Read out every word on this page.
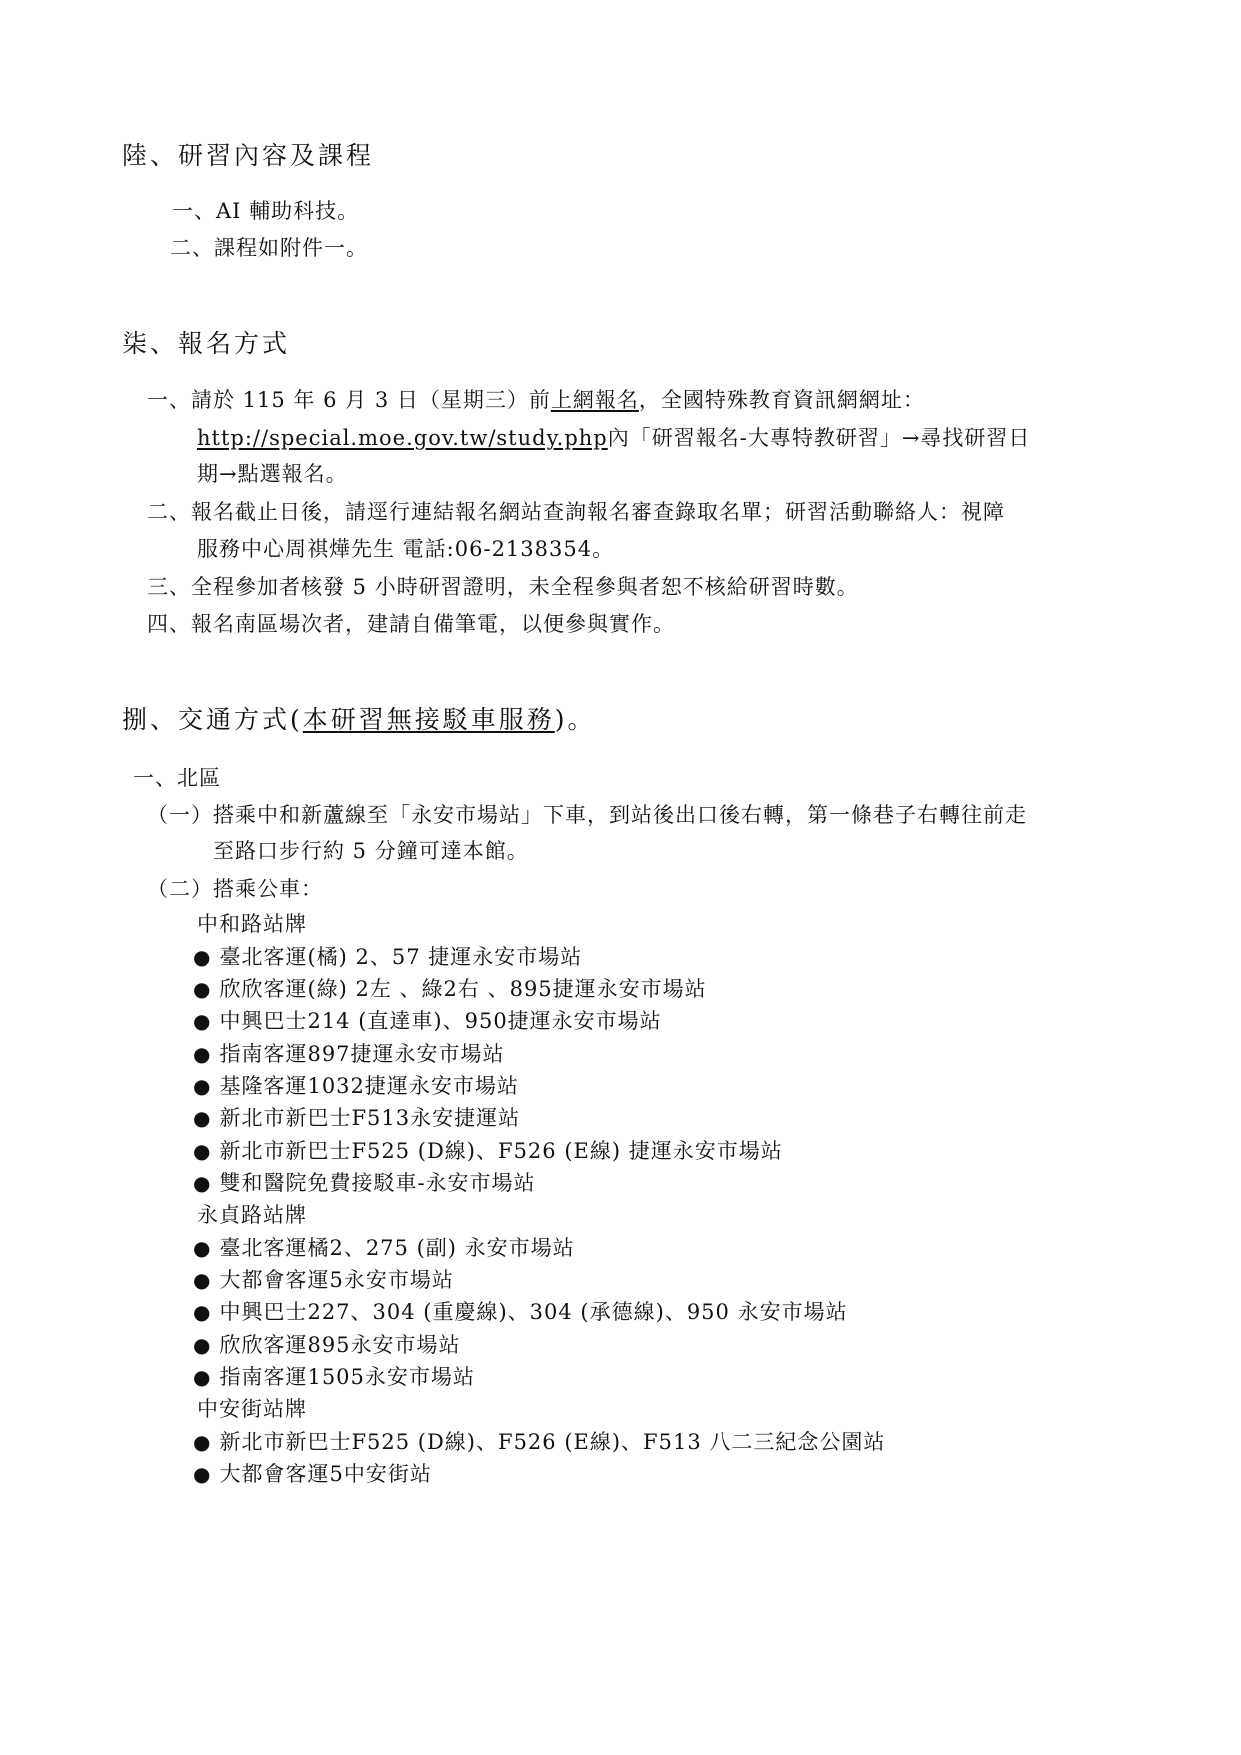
陸、研習內容及課程
一、AI 輔助科技。
二、課程如附件一。
柒、報名方式
一、請於 115 年 6 月 3 日（星期三）前上網報名，全國特殊教育資訊網網址：
http://special.moe.gov.tw/study.php內「研習報名-大專特教研習」→尋找研習日
期→點選報名。
二、報名截止日後，請逕行連結報名網站查詢報名審查錄取名單；研習活動聯絡人：視障
服務中心周祺燁先生 電話:06-2138354。
三、全程參加者核發 5 小時研習證明，未全程參與者恕不核給研習時數。
四、報名南區場次者，建請自備筆電，以便參與實作。
捌、交通方式(本研習無接駁車服務)。
一、北區
（一）搭乘中和新蘆線至「永安市場站」下車，到站後出口後右轉，第一條巷子右轉往前走
至路口步行約 5 分鐘可達本館。
（二）搭乘公車：
中和路站牌
● 臺北客運(橘) 2、57 捷運永安市場站
● 欣欣客運(綠) 2左 、綠2右 、895捷運永安市場站
● 中興巴士214 (直達車)、950捷運永安市場站
● 指南客運897捷運永安市場站
● 基隆客運1032捷運永安市場站
● 新北市新巴士F513永安捷運站
● 新北市新巴士F525 (D線)、F526 (E線) 捷運永安市場站
● 雙和醫院免費接駁車-永安市場站
永貞路站牌
● 臺北客運橘2、275 (副) 永安市場站
● 大都會客運5永安市場站
● 中興巴士227、304 (重慶線)、304 (承德線)、950 永安市場站
● 欣欣客運895永安市場站
● 指南客運1505永安市場站
中安街站牌
● 新北市新巴士F525 (D線)、F526 (E線)、F513 八二三紀念公園站
● 大都會客運5中安街站
